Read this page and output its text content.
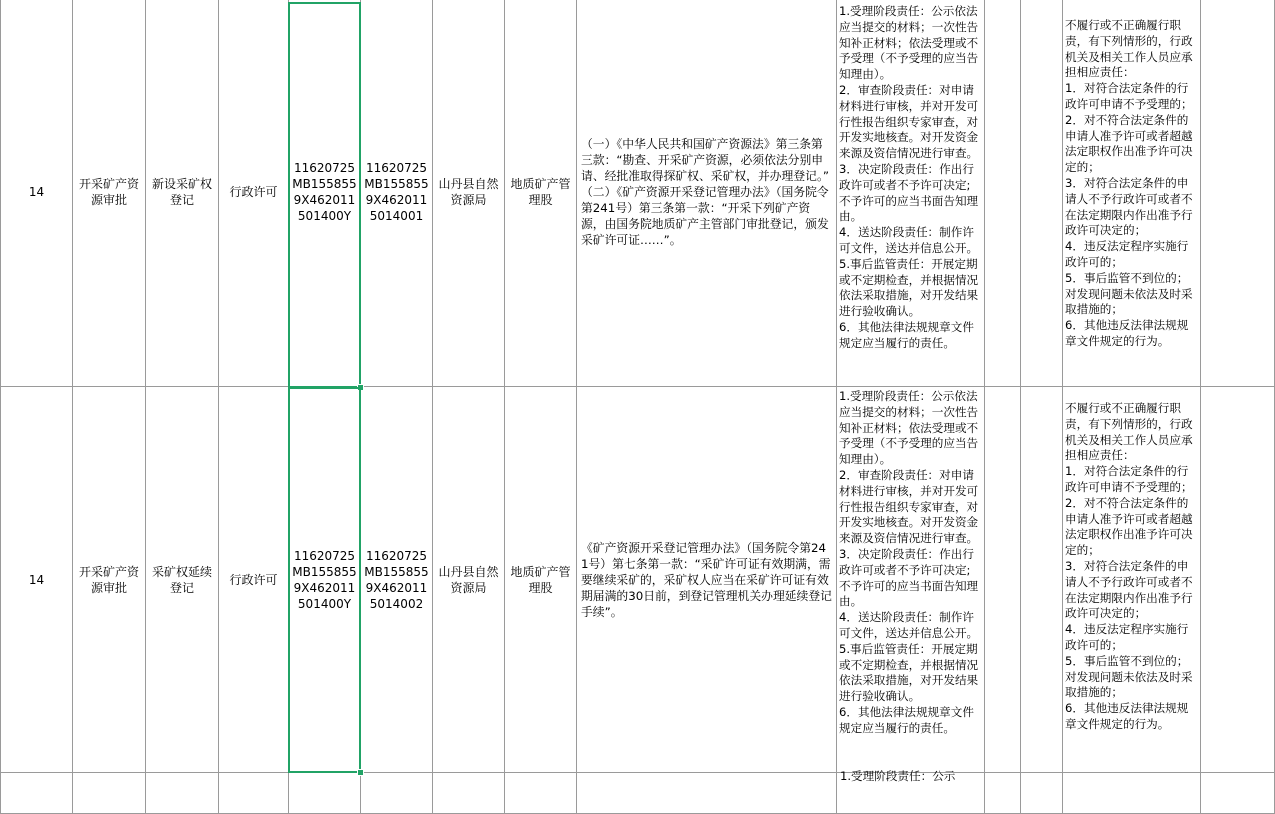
14
开采矿产资源审批
新设采矿权登记
行政许可
11620725MB1558559X462011501400Y
11620725MB1558559X4620115014001
山丹县自然资源局
地质矿产管理股
（一）《中华人民共和国矿产资源法》第三条第三款：“勘查、开采矿产资源，必须依法分别申请、经批准取得探矿权、采矿权，并办理登记。”
（二）《矿产资源开采登记管理办法》（国务院令第241号）第三条第一款：“开采下列矿产资源，由国务院地质矿产主管部门审批登记，颁发采矿许可证……”。
1.受理阶段责任：公示依法应当提交的材料；一次性告知补正材料；依法受理或不予受理（不予受理的应当告知理由）。
2．审查阶段责任：对申请材料进行审核，并对开发可行性报告组织专家审查，对开发实地核查。对开发资金来源及资信情况进行审查。
3．决定阶段责任：作出行政许可或者不予许可决定;不予许可的应当书面告知理由。
4．送达阶段责任：制作许可文件，送达并信息公开。
5.事后监管责任：开展定期或不定期检查，并根据情况依法采取措施，对开发结果进行验收确认。
6．其他法律法规规章文件规定应当履行的责任。
不履行或不正确履行职责，有下列情形的，行政机关及相关工作人员应承担相应责任：
1．对符合法定条件的行政许可申请不予受理的；
2．对不符合法定条件的申请人准予许可或者超越法定职权作出准予许可决定的；
3．对符合法定条件的申请人不予行政许可或者不在法定期限内作出准予行政许可决定的；
4．违反法定程序实施行政许可的；
5．事后监管不到位的；对发现问题未依法及时采取措施的；
6．其他违反法律法规规章文件规定的行为。
14
开采矿产资源审批
采矿权延续登记
行政许可
11620725MB1558559X462011501400Y
11620725MB1558559X4620115014002
山丹县自然资源局
地质矿产管理股
《矿产资源开采登记管理办法》（国务院令第241号）第七条第一款：“采矿许可证有效期满，需要继续采矿的，采矿权人应当在采矿许可证有效期届满的30日前，到登记管理机关办理延续登记手续”。
1.受理阶段责任：公示依法应当提交的材料；一次性告知补正材料；依法受理或不予受理（不予受理的应当告知理由）。
2．审查阶段责任：对申请材料进行审核，并对开发可行性报告组织专家审查，对开发实地核查。对开发资金来源及资信情况进行审查。
3．决定阶段责任：作出行政许可或者不予许可决定;不予许可的应当书面告知理由。
4．送达阶段责任：制作许可文件，送达并信息公开。
5.事后监管责任：开展定期或不定期检查，并根据情况依法采取措施，对开发结果进行验收确认。
6．其他法律法规规章文件规定应当履行的责任。
不履行或不正确履行职责，有下列情形的，行政机关及相关工作人员应承担相应责任：
1．对符合法定条件的行政许可申请不予受理的；
2．对不符合法定条件的申请人准予许可或者超越法定职权作出准予许可决定的；
3．对符合法定条件的申请人不予行政许可或者不在法定期限内作出准予行政许可决定的；
4．违反法定程序实施行政许可的；
5．事后监管不到位的；对发现问题未依法及时采取措施的；
6．其他违反法律法规规章文件规定的行为。
1.受理阶段责任：公示
